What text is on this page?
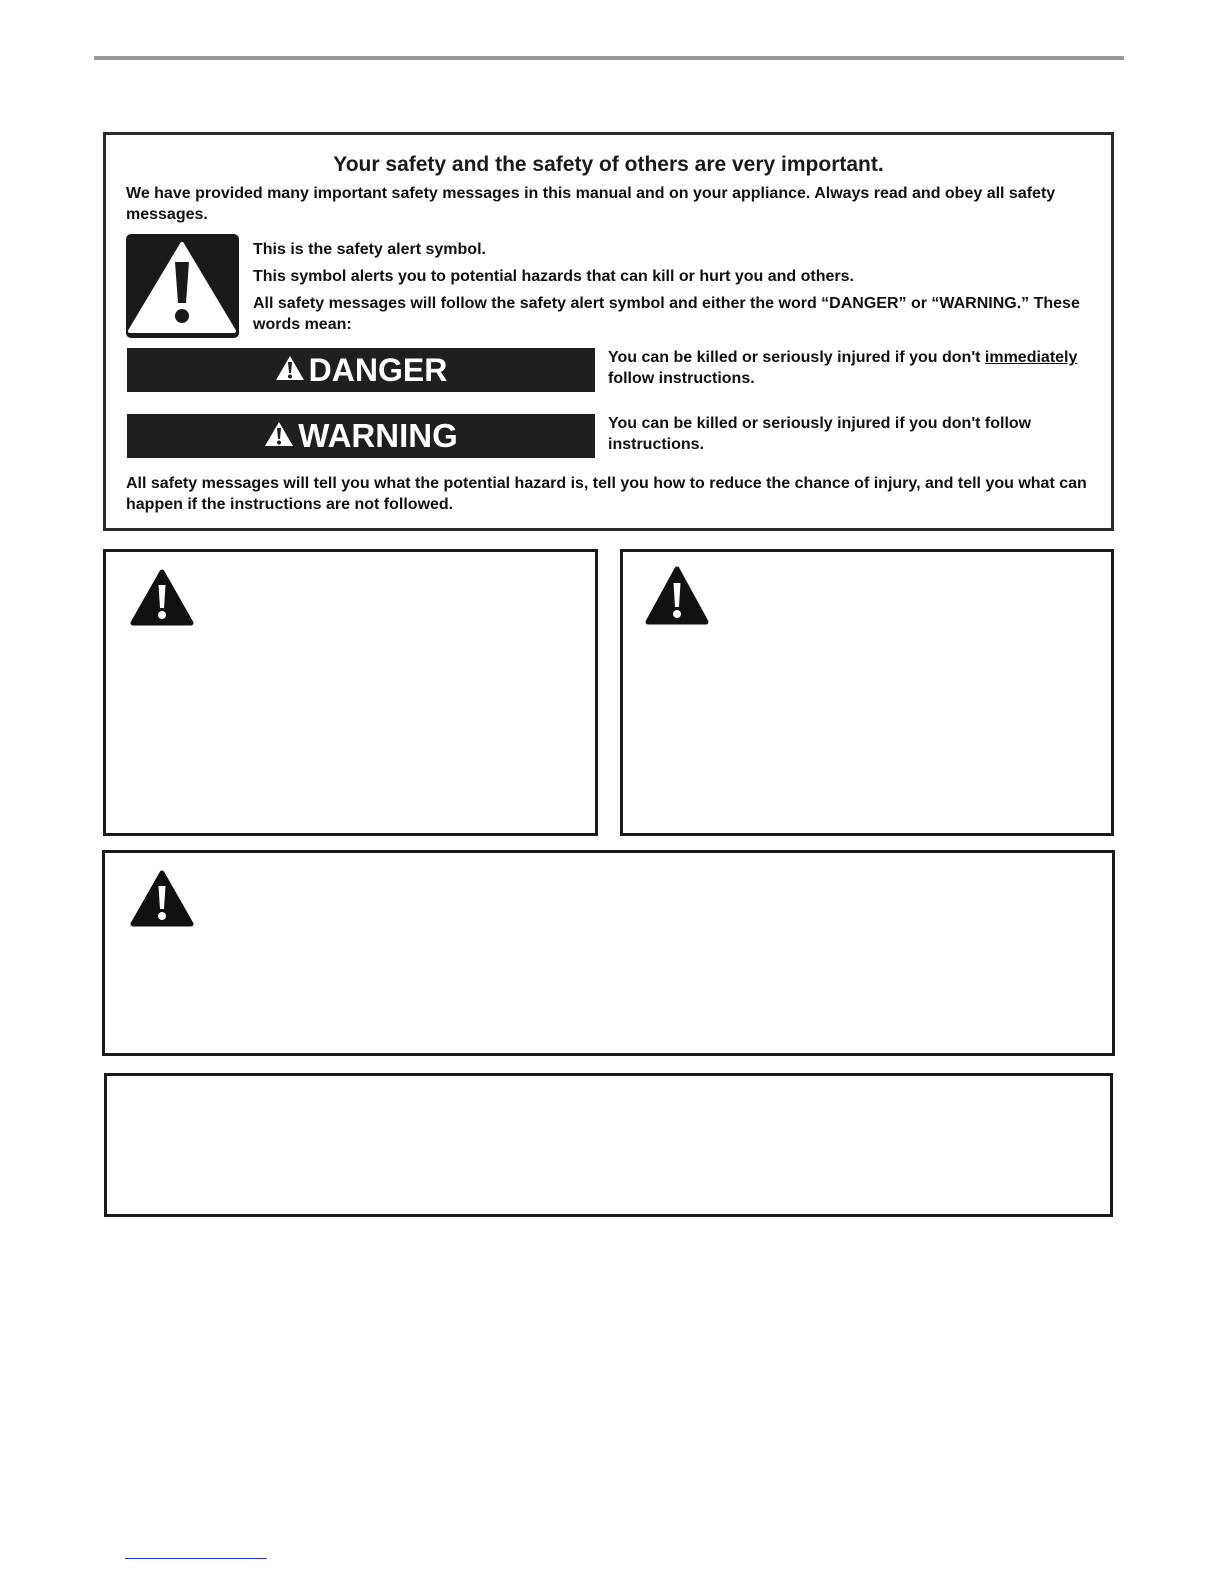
Your safety and the safety of others are very important.
We have provided many important safety messages in this manual and on your appliance. Always read and obey all safety messages.
This is the safety alert symbol.
This symbol alerts you to potential hazards that can kill or hurt you and others.
All safety messages will follow the safety alert symbol and either the word “DANGER” or “WARNING.” These words mean:
DANGER	You can be killed or seriously injured if you don't immediately follow instructions.
WARNING	You can be killed or seriously injured if you don't follow instructions.
All safety messages will tell you what the potential hazard is, tell you how to reduce the chance of injury, and tell you what can happen if the instructions are not followed.
